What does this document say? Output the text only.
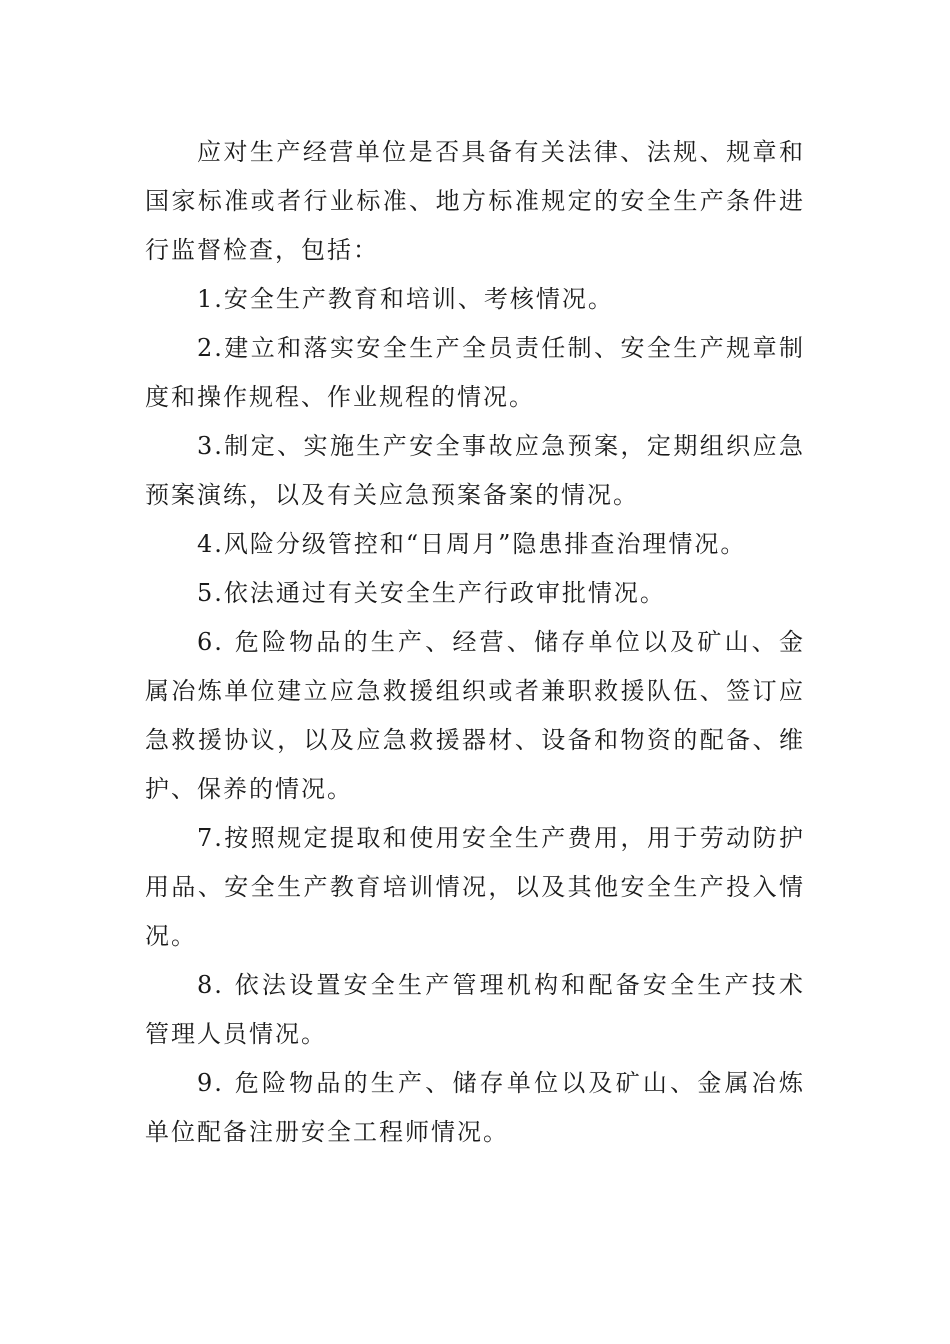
应对生产经营单位是否具备有关法律、法规、规章和国家标准或者行业标准、地方标准规定的安全生产条件进行监督检查，包括：

1.安全生产教育和培训、考核情况。

2.建立和落实安全生产全员责任制、安全生产规章制度和操作规程、作业规程的情况。

3.制定、实施生产安全事故应急预案，定期组织应急预案演练，以及有关应急预案备案的情况。

4.风险分级管控和“日周月”隐患排查治理情况。

5.依法通过有关安全生产行政审批情况。

6. 危险物品的生产、经营、储存单位以及矿山、金属冶炼单位建立应急救援组织或者兼职救援队伍、签订应急救援协议，以及应急救援器材、设备和物资的配备、维护、保养的情况。

7.按照规定提取和使用安全生产费用，用于劳动防护用品、安全生产教育培训情况，以及其他安全生产投入情况。

8. 依法设置安全生产管理机构和配备安全生产技术管理人员情况。

9. 危险物品的生产、储存单位以及矿山、金属冶炼单位配备注册安全工程师情况。
